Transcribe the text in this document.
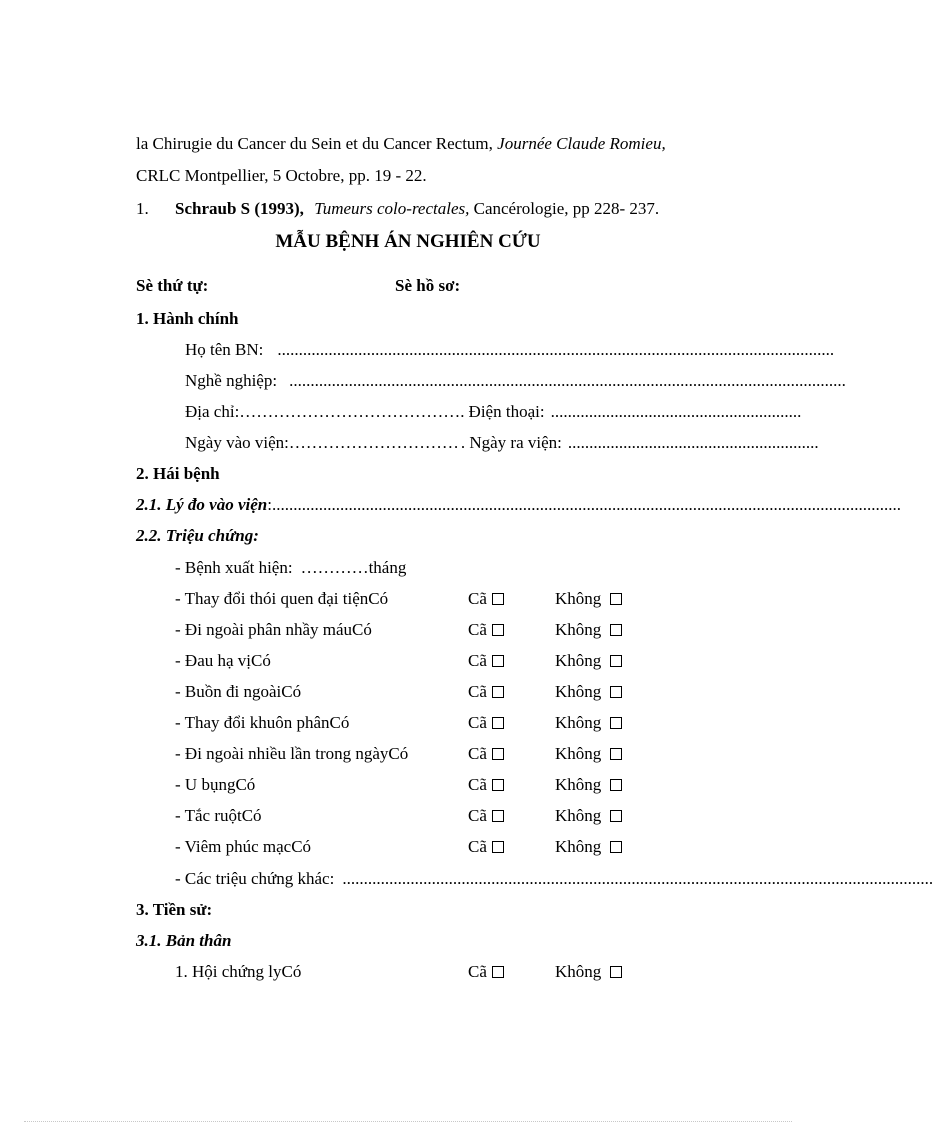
la Chirugie du Cancer du Sein et du Cancer Rectum, Journée Claude Romieu,
CRLC Montpellier, 5 Octobre, pp. 19 - 22.
1. Schraub S (1993), Tumeurs colo-rectales, Cancérologie, pp 228- 237.
MẪU BỆNH ÁN NGHIÊN CỨU
Sè thứ tự:	Sè hồ sơ:
1. Hành chính
Họ tên BN: ...................................................................................................................................
Nghề nghiệp: ...................................................................................................................................
Địa chỉ: …………………………………. Điện thoại: ...........................................................
Ngày vào viện: ………………………… . Ngày ra viện: ...........................................................
2. Hái bệnh
2.1. Lý đo vào viện :....................................................................................................................................................
2.2. Triệu chứng:
- Bệnh xuất hiện: …………tháng
- Thay đổi thói quen đại tiệnCó	Cã	Không
- Đi ngoài phân nhầy máuCó	Cã	Không
- Đau hạ vịCó	Cã	Không
- Buồn đi ngoàiCó	Cã	Không
- Thay đổi khuôn phânCó	Cã	Không
- Đi ngoài nhiều lần trong ngàyCó	Cã	Không
- U bụngCó	Cã	Không
- Tắc ruộtCó	Cã	Không
- Viêm phúc mạcCó	Cã	Không
- Các triệu chứng khác: ...........................................................................................................................................
3. Tiền sử:
3.1. Bản thân
1. Hội chứng lyCó	Cã	Không
